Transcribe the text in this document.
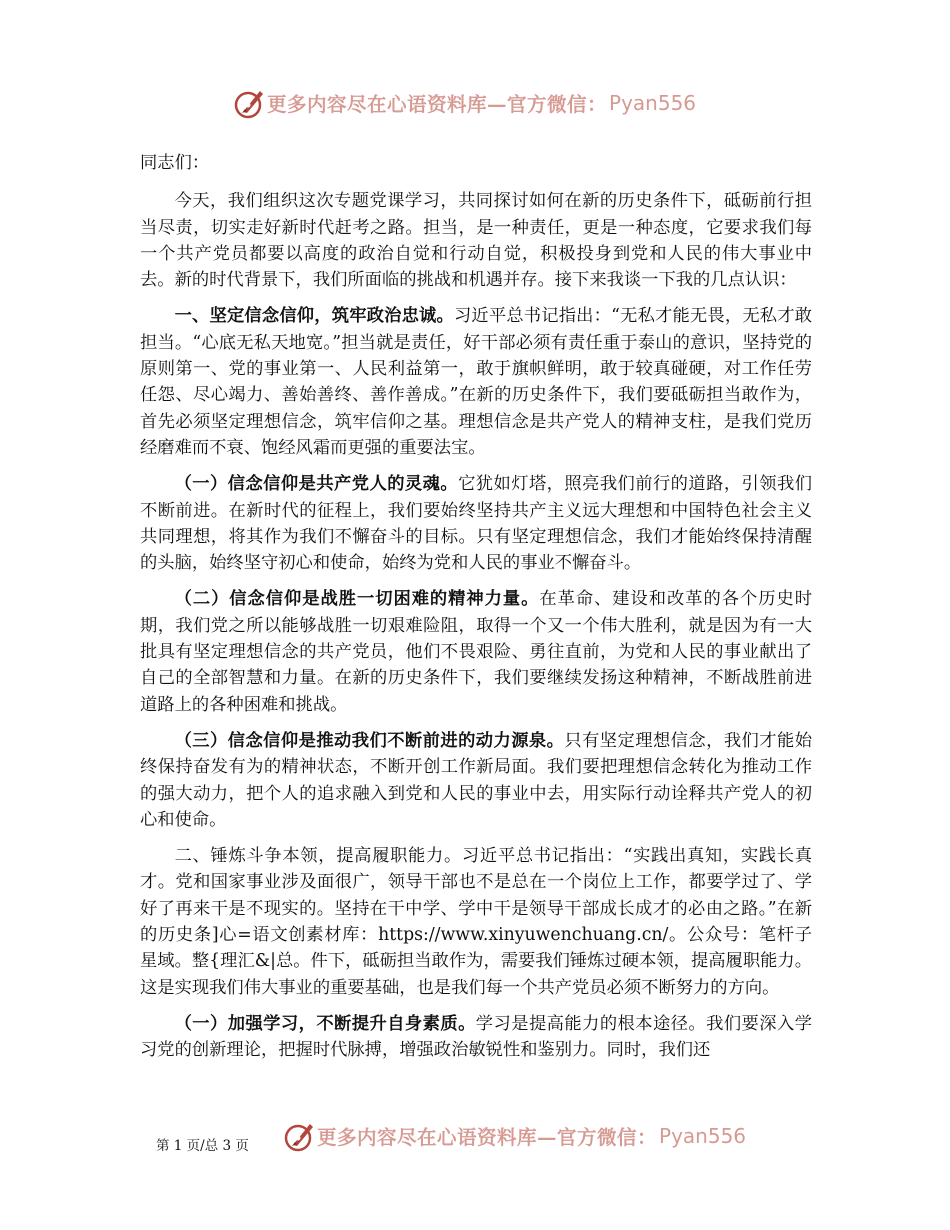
更多内容尽在心语资料库— 官方微信： Pyan556

同志们：

今天，我们组织这次专题党课学习，共同探讨如何在新的历史条件下，砥砺前行担当尽责，切实走好新时代赶考之路。担当，是一种责任，更是一种态度，它要求我们每一个共产党员都要以高度的政治自觉和行动自觉，积极投身到党和人民的伟大事业中去。新的时代背景下，我们所面临的挑战和机遇并存。接下来我谈一下我的几点认识：

一、坚定信念信仰，筑牢政治忠诚。习近平总书记指出：“无私才能无畏，无私才敢担当。“心底无私天地宽。”担当就是责任，好干部必须有责任重于泰山的意识，坚持党的原则第一、党的事业第一、人民利益第一，敢于旗帜鲜明，敢于较真碰硬，对工作任劳任怨、尽心竭力、善始善终、善作善成。”在新的历史条件下，我们要砥砺担当敢作为，首先必须坚定理想信念，筑牢信仰之基。理想信念是共产党人的精神支柱，是我们党历经磨难而不衰、饱经风霜而更强的重要法宝。

（一）信念信仰是共产党人的灵魂。它犹如灯塔，照亮我们前行的道路，引领我们不断前进。在新时代的征程上，我们要始终坚持共产主义远大理想和中国特色社会主义共同理想，将其作为我们不懈奋斗的目标。只有坚定理想信念，我们才能始终保持清醒的头脑，始终坚守初心和使命，始终为党和人民的事业不懈奋斗。

（二）信念信仰是战胜一切困难的精神力量。在革命、建设和改革的各个历史时期，我们党之所以能够战胜一切艰难险阻，取得一个又一个伟大胜利，就是因为有一大批具有坚定理想信念的共产党员，他们不畏艰险、勇往直前，为党和人民的事业献出了自己的全部智慧和力量。在新的历史条件下，我们要继续发扬这种精神，不断战胜前进道路上的各种困难和挑战。

（三）信念信仰是推动我们不断前进的动力源泉。只有坚定理想信念，我们才能始终保持奋发有为的精神状态，不断开创工作新局面。我们要把理想信念转化为推动工作的强大动力，把个人的追求融入到党和人民的事业中去，用实际行动诠释共产党人的初心和使命。

二、锤炼斗争本领，提高履职能力。习近平总书记指出：“实践出真知，实践长真才。党和国家事业涉及面很广，领导干部也不是总在一个岗位上工作，都要学过了、学好了再来干是不现实的。坚持在干中学、学中干是领导干部成长成才的必由之路。”在新的历史条]心=语文创素材库：https://www.xinyuwenchuang.cn/。公众号：笔杆子星域。整{理汇&|总。件下，砥砺担当敢作为，需要我们锤炼过硬本领，提高履职能力。这是实现我们伟大事业的重要基础，也是我们每一个共产党员必须不断努力的方向。

（一）加强学习，不断提升自身素质。学习是提高能力的根本途径。我们要深入学习党的创新理论，把握时代脉搏，增强政治敏锐性和鉴别力。同时，我们还

更多内容尽在心语资料库— 官方微信： Pyan556
第 1 页/总 3 页
